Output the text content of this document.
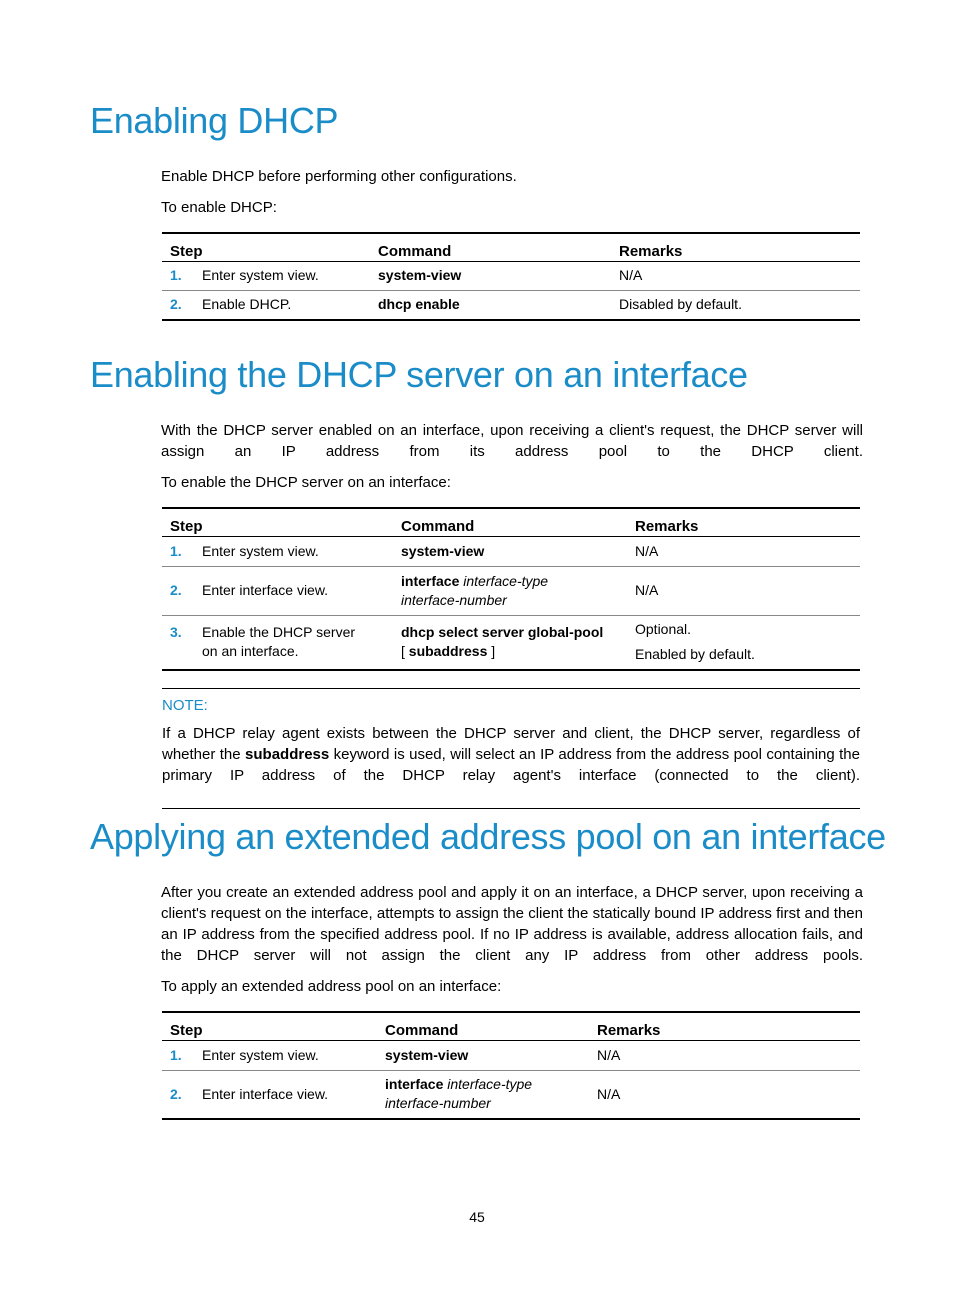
Enabling DHCP

Enable DHCP before performing other configurations.

To enable DHCP:

Step	Command	Remarks

1. Enter system view.	system-view	N/A

2. Enable DHCP.	dhcp enable	Disabled by default.
Enabling the DHCP server on an interface

With the DHCP server enabled on an interface, upon receiving a client's request, the DHCP server will assign an IP address from its address pool to the DHCP client.

To enable the DHCP server on an interface:

Step	Command	Remarks

1. Enter system view.	system-view	N/A

2. Enter interface view.	interface interface-type
interface-number	N/A

3. Enable the DHCP server on an interface.	dhcp select server global-pool
[ subaddress ]	Optional.
Enabled by default.
NOTE:
If a DHCP relay agent exists between the DHCP server and client, the DHCP server, regardless of whether the subaddress keyword is used, will select an IP address from the address pool containing the primary IP address of the DHCP relay agent's interface (connected to the client).
Applying an extended address pool on an interface

After you create an extended address pool and apply it on an interface, a DHCP server, upon receiving a client's request on the interface, attempts to assign the client the statically bound IP address first and then an IP address from the specified address pool. If no IP address is available, address allocation fails, and the DHCP server will not assign the client any IP address from other address pools.

To apply an extended address pool on an interface:

Step	Command	Remarks

1. Enter system view.	system-view	N/A

2. Enter interface view.	interface interface-type
interface-number	N/A
45
